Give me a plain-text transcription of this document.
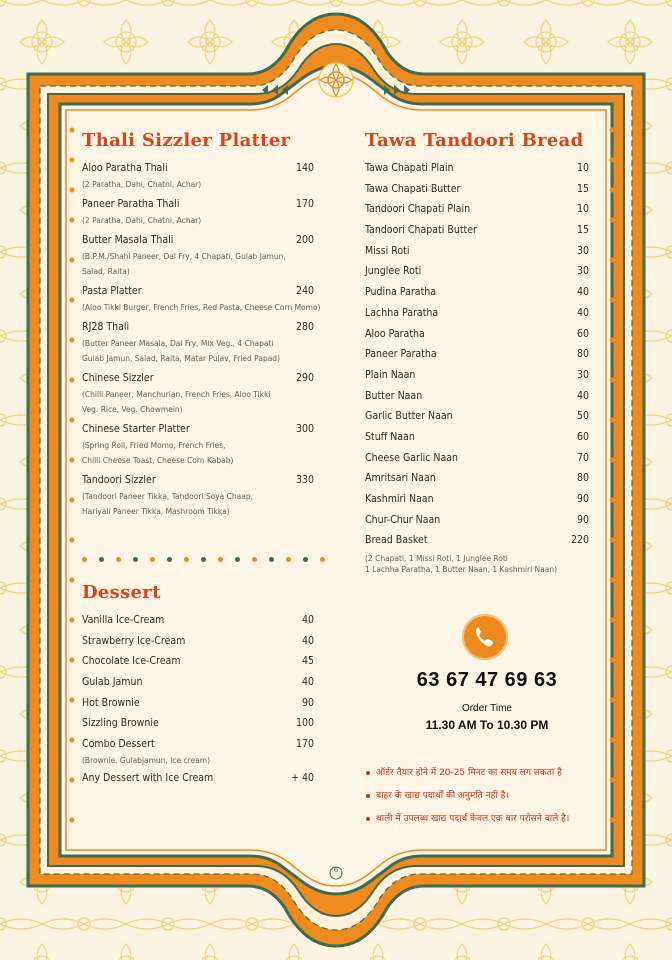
6
Thali Sizzler Platter
Aloo Paratha Thali	140
(2 Paratha, Dahi, Chatni, Achar)
Paneer Paratha Thali	170
(2 Paratha, Dahi, Chatni, Achar)
Butter Masala Thali	200
(B.P.M./Shahi Paneer, Dal Fry, 4 Chapati, Gulab Jamun,
Salad, Raita)
Pasta Platter	240
(Aloo Tikki Burger, French Fries, Red Pasta, Cheese Corn Momo)
RJ28 Thali	280
(Butter Paneer Masala, Dal Fry, Mix Veg., 4 Chapati
Gulab Jamun, Salad, Raita, Matar Pulav, Fried Papad)
Chinese Sizzler	290
(Chilli Paneer, Manchurian, French Fries, Aloo Tikki
Veg. Rice, Veg. Chowmein)
Chinese Starter Platter	300
(Spring Roll, Fried Momo, French Fries,
Chilli Cheese Toast, Cheese Corn Kabab)
Tandoori Sizzler	330
(Tandoori Paneer Tikka, Tandoori Soya Chaap,
Hariyali Paneer Tikka, Mashroom Tikka)
Dessert
Vanilla Ice-Cream	40
Strawberry Ice-Cream	40
Chocolate Ice-Cream	45
Gulab Jamun	40
Hot Brownie	90
Sizzling Brownie	100
Combo Dessert	170
(Brownie, Gulabjamun, Ice cream)
Any Dessert with Ice Cream	+ 40
Tawa Tandoori Bread
Tawa Chapati Plain	10
Tawa Chapati Butter	15
Tandoori Chapati Plain	10
Tandoori Chapati Butter	15
Missi Roti	30
Junglee Roti	30
Pudina Paratha	40
Lachha Paratha	40
Aloo Paratha	60
Paneer Paratha	80
Plain Naan	30
Butter Naan	40
Garlic Butter Naan	50
Stuff Naan	60
Cheese Garlic Naan	70
Amritsari Naan	80
Kashmiri Naan	90
Chur-Chur Naan	90
Bread Basket	220
(2 Chapati, 1 Missi Roti, 1 Junglee Roti
1 Lachha Paratha, 1 Butter Naan, 1 Kashmiri Naan)
63 67 47 69 63
Order Time
11.30 AM To 10.30 PM
ऑर्डर तैयार होने में 20-25 मिनट का समय लग सकता है
बाहर के खाद्य पदार्थों की अनुमति नहीं है।
थाली में उपलब्ध खाद्य पदार्थ केवल एक बार परोसने वाले है।
